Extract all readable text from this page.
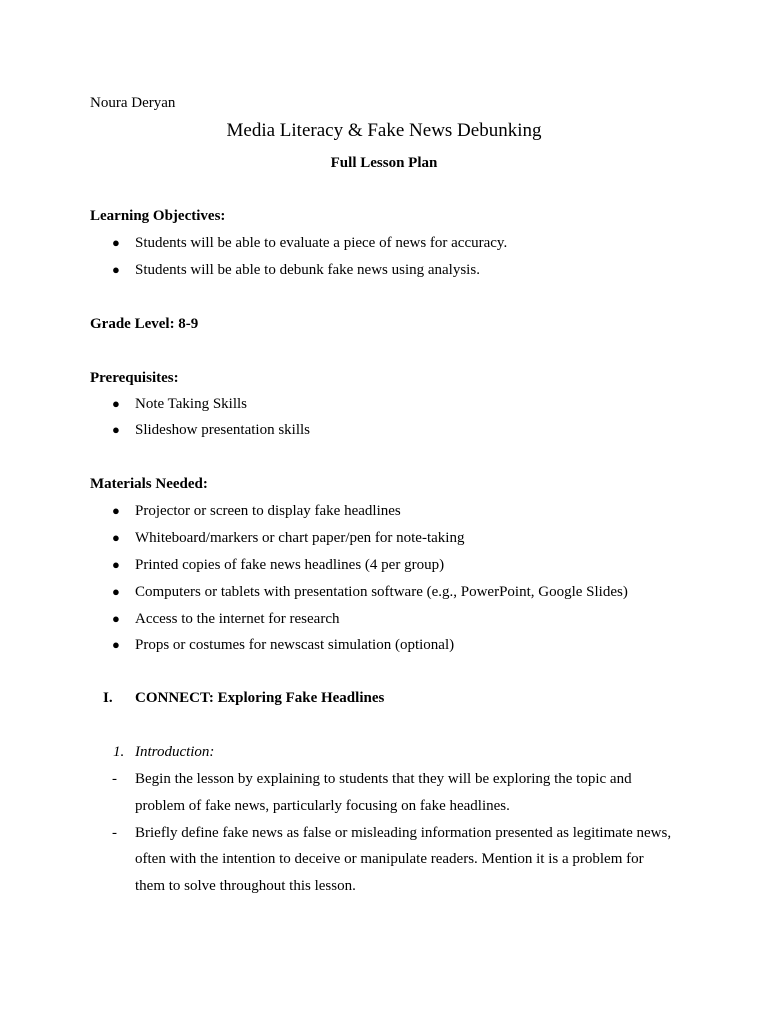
Noura Deryan
Media Literacy & Fake News Debunking
Full Lesson Plan
Learning Objectives:
● Students will be able to evaluate a piece of news for accuracy.
● Students will be able to debunk fake news using analysis.
Grade Level: 8-9
Prerequisites:
● Note Taking Skills
● Slideshow presentation skills
Materials Needed:
● Projector or screen to display fake headlines
● Whiteboard/markers or chart paper/pen for note-taking
● Printed copies of fake news headlines (4 per group)
● Computers or tablets with presentation software (e.g., PowerPoint, Google Slides)
● Access to the internet for research
● Props or costumes for newscast simulation (optional)
I. CONNECT: Exploring Fake Headlines
1. Introduction:
- Begin the lesson by explaining to students that they will be exploring the topic and
problem of fake news, particularly focusing on fake headlines.
- Briefly define fake news as false or misleading information presented as legitimate news,
often with the intention to deceive or manipulate readers. Mention it is a problem for
them to solve throughout this lesson.
